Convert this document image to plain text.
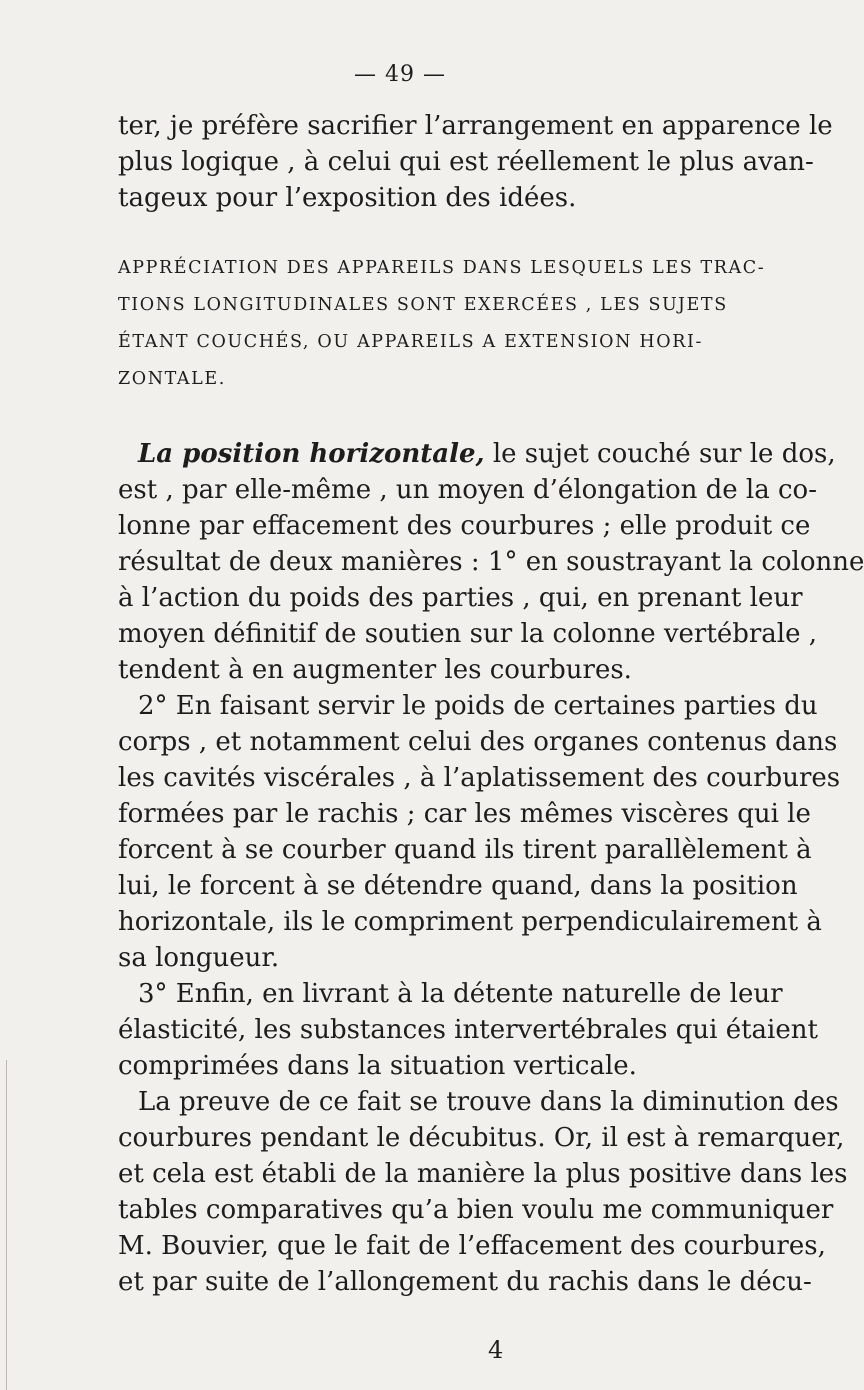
— 49 —
ter, je préfère sacrifier l’arrangement en apparence le
plus logique , à celui qui est réellement le plus avan-
tageux pour l’exposition des idées.
APPRÉCIATION DES APPAREILS DANS LESQUELS LES TRAC-
TIONS LONGITUDINALES SONT EXERCÉES , LES SUJETS
ÉTANT COUCHÉS, OU APPAREILS A EXTENSION HORI-
ZONTALE.
La position horizontale, le sujet couché sur le dos,
est , par elle-même , un moyen d’élongation de la co-
lonne par effacement des courbures ; elle produit ce
résultat de deux manières : 1° en soustrayant la colonne
à l’action du poids des parties , qui, en prenant leur
moyen définitif de soutien sur la colonne vertébrale ,
tendent à en augmenter les courbures.
2° En faisant servir le poids de certaines parties du
corps , et notamment celui des organes contenus dans
les cavités viscérales , à l’aplatissement des courbures
formées par le rachis ; car les mêmes viscères qui le
forcent à se courber quand ils tirent parallèlement à
lui, le forcent à se détendre quand, dans la position
horizontale, ils le compriment perpendiculairement à
sa longueur.
3° Enfin, en livrant à la détente naturelle de leur
élasticité, les substances intervertébrales qui étaient
comprimées dans la situation verticale.
La preuve de ce fait se trouve dans la diminution des
courbures pendant le décubitus. Or, il est à remarquer,
et cela est établi de la manière la plus positive dans les
tables comparatives qu’a bien voulu me communiquer
M. Bouvier, que le fait de l’effacement des courbures,
et par suite de l’allongement du rachis dans le décu-
4
